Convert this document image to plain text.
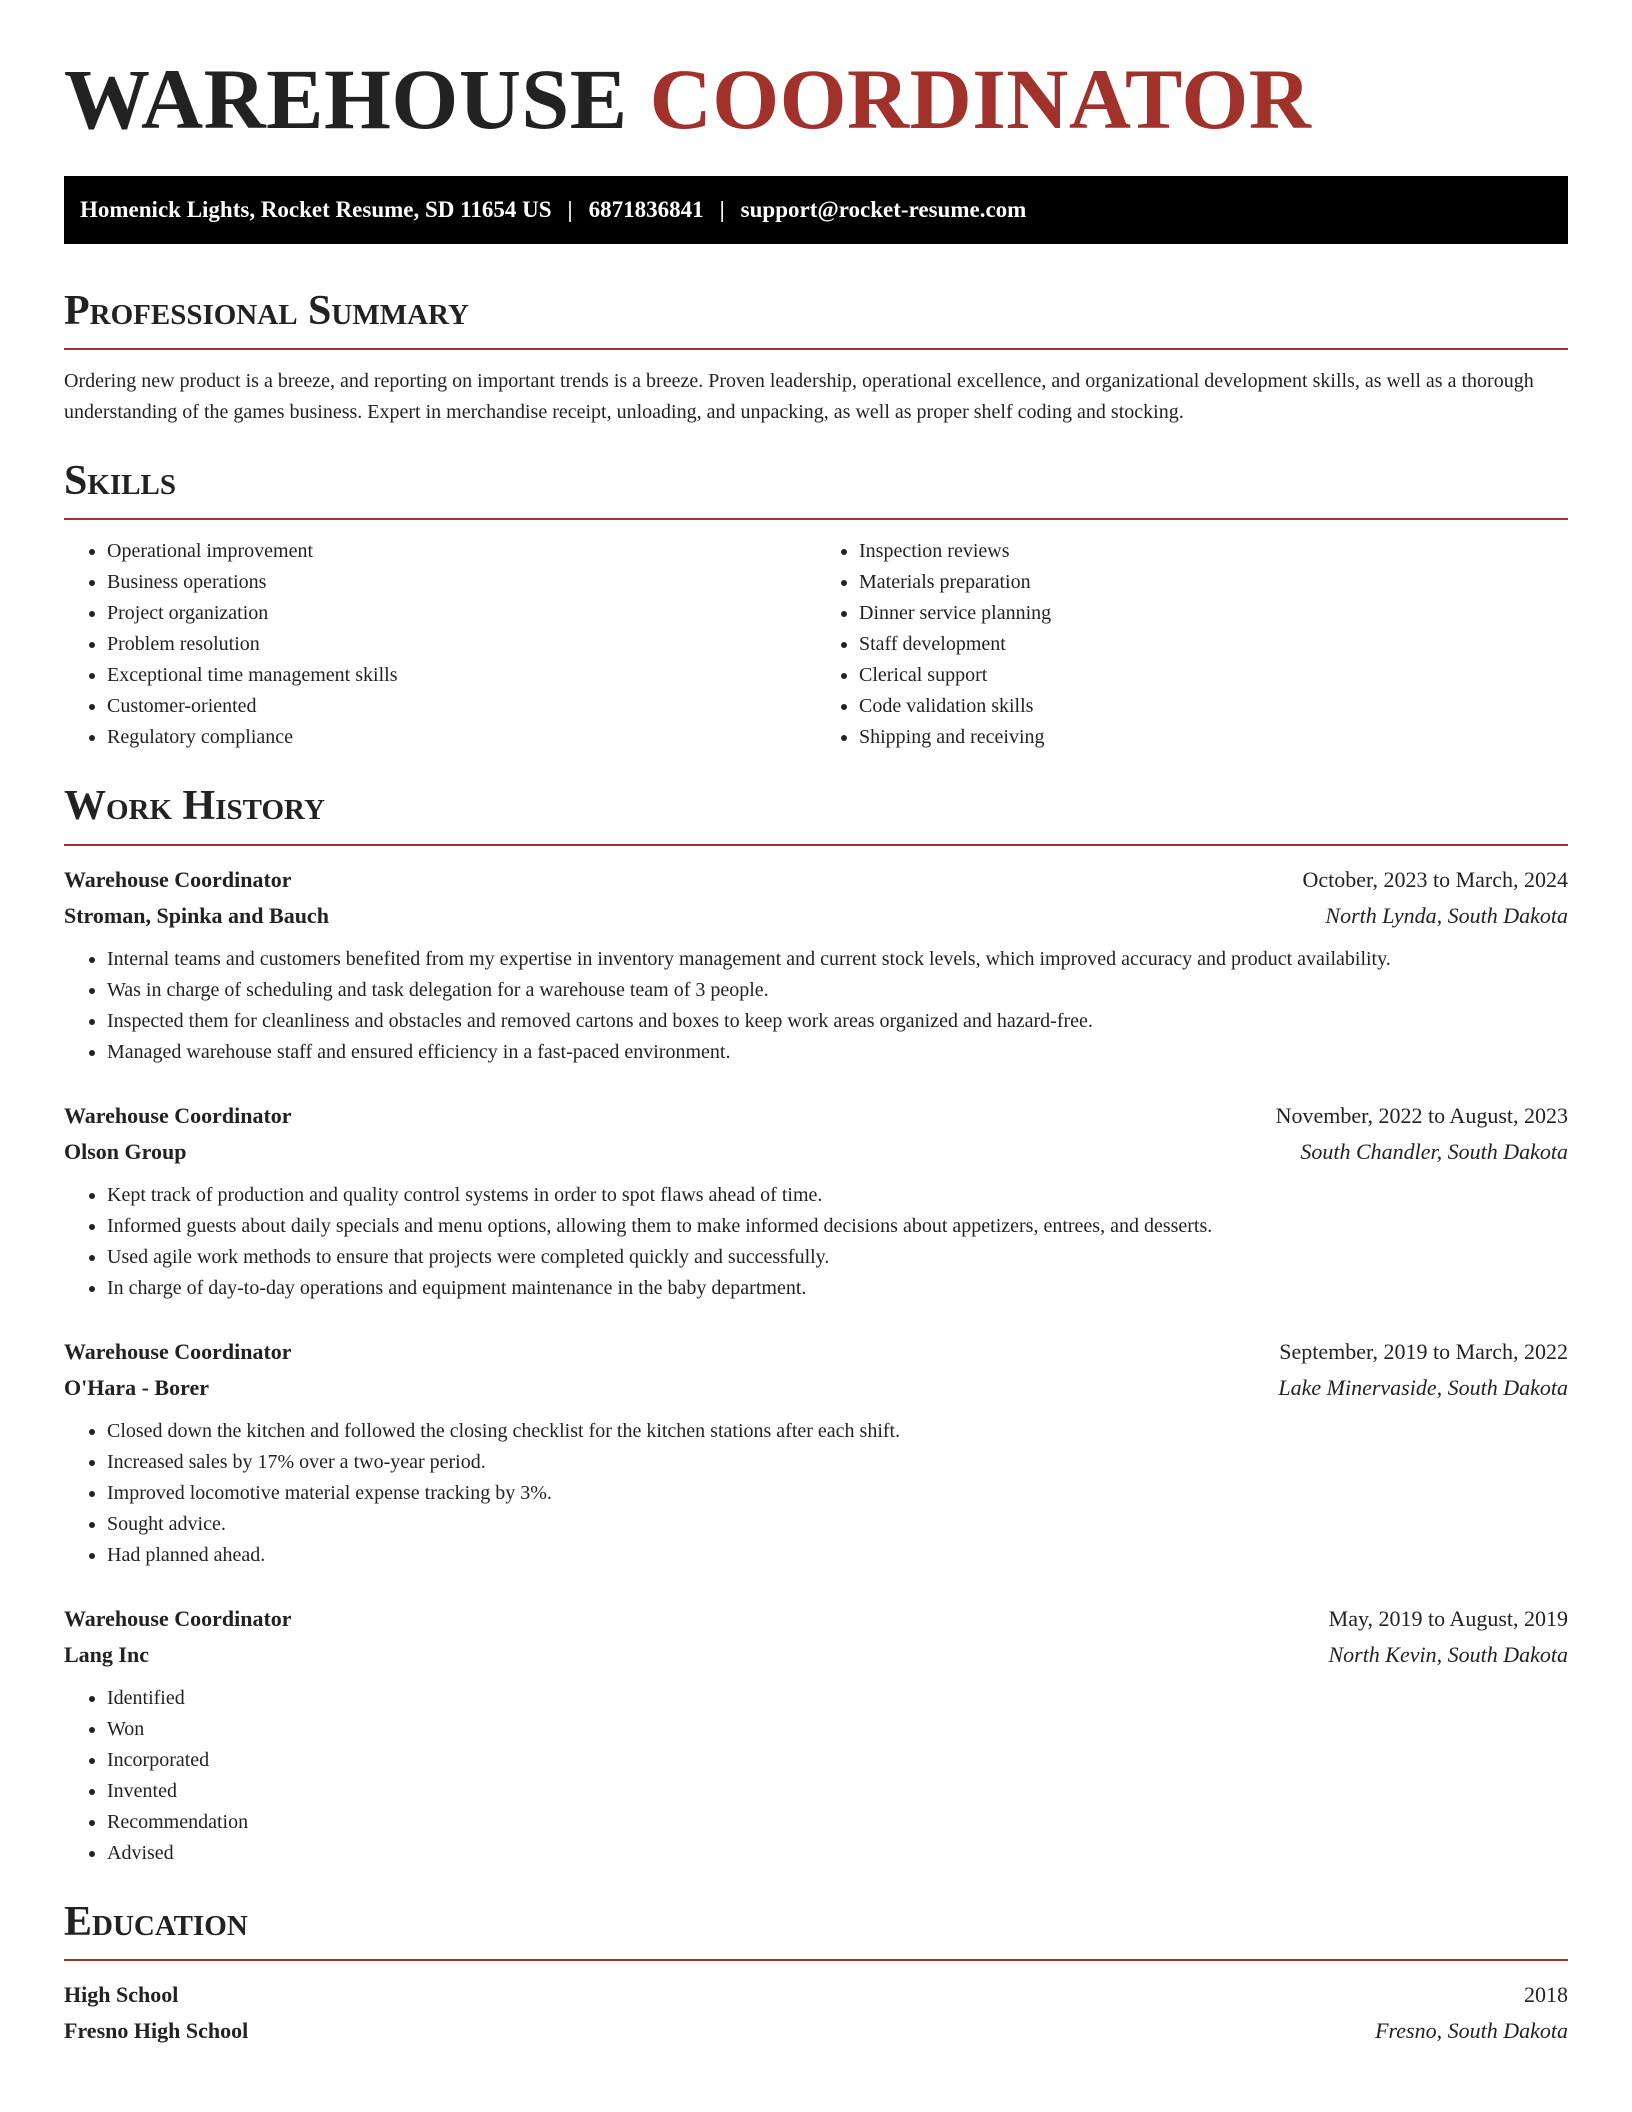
WAREHOUSE COORDINATOR
Homenick Lights, Rocket Resume, SD 11654 US | 6871836841 | support@rocket-resume.com
Professional Summary

Ordering new product is a breeze, and reporting on important trends is a breeze. Proven leadership, operational excellence, and organizational development skills, as well as a thorough understanding of the games business. Expert in merchandise receipt, unloading, and unpacking, as well as proper shelf coding and stocking.

Skills
• Operational improvement
• Business operations
• Project organization
• Problem resolution
• Exceptional time management skills
• Customer-oriented
• Regulatory compliance
• Inspection reviews
• Materials preparation
• Dinner service planning
• Staff development
• Clerical support
• Code validation skills
• Shipping and receiving
Work History
Warehouse Coordinator	October, 2023 to March, 2024
Stroman, Spinka and Bauch	North Lynda, South Dakota
• Internal teams and customers benefited from my expertise in inventory management and current stock levels, which improved accuracy and product availability.
• Was in charge of scheduling and task delegation for a warehouse team of 3 people.
• Inspected them for cleanliness and obstacles and removed cartons and boxes to keep work areas organized and hazard-free.
• Managed warehouse staff and ensured efficiency in a fast-paced environment.
Warehouse Coordinator	November, 2022 to August, 2023
Olson Group	South Chandler, South Dakota
• Kept track of production and quality control systems in order to spot flaws ahead of time.
• Informed guests about daily specials and menu options, allowing them to make informed decisions about appetizers, entrees, and desserts.
• Used agile work methods to ensure that projects were completed quickly and successfully.
• In charge of day-to-day operations and equipment maintenance in the baby department.
Warehouse Coordinator	September, 2019 to March, 2022
O'Hara - Borer	Lake Minervaside, South Dakota
• Closed down the kitchen and followed the closing checklist for the kitchen stations after each shift.
• Increased sales by 17% over a two-year period.
• Improved locomotive material expense tracking by 3%.
• Sought advice.
• Had planned ahead.
Warehouse Coordinator	May, 2019 to August, 2019
Lang Inc	North Kevin, South Dakota
• Identified
• Won
• Incorporated
• Invented
• Recommendation
• Advised
Education
High School	2018
Fresno High School	Fresno, South Dakota
